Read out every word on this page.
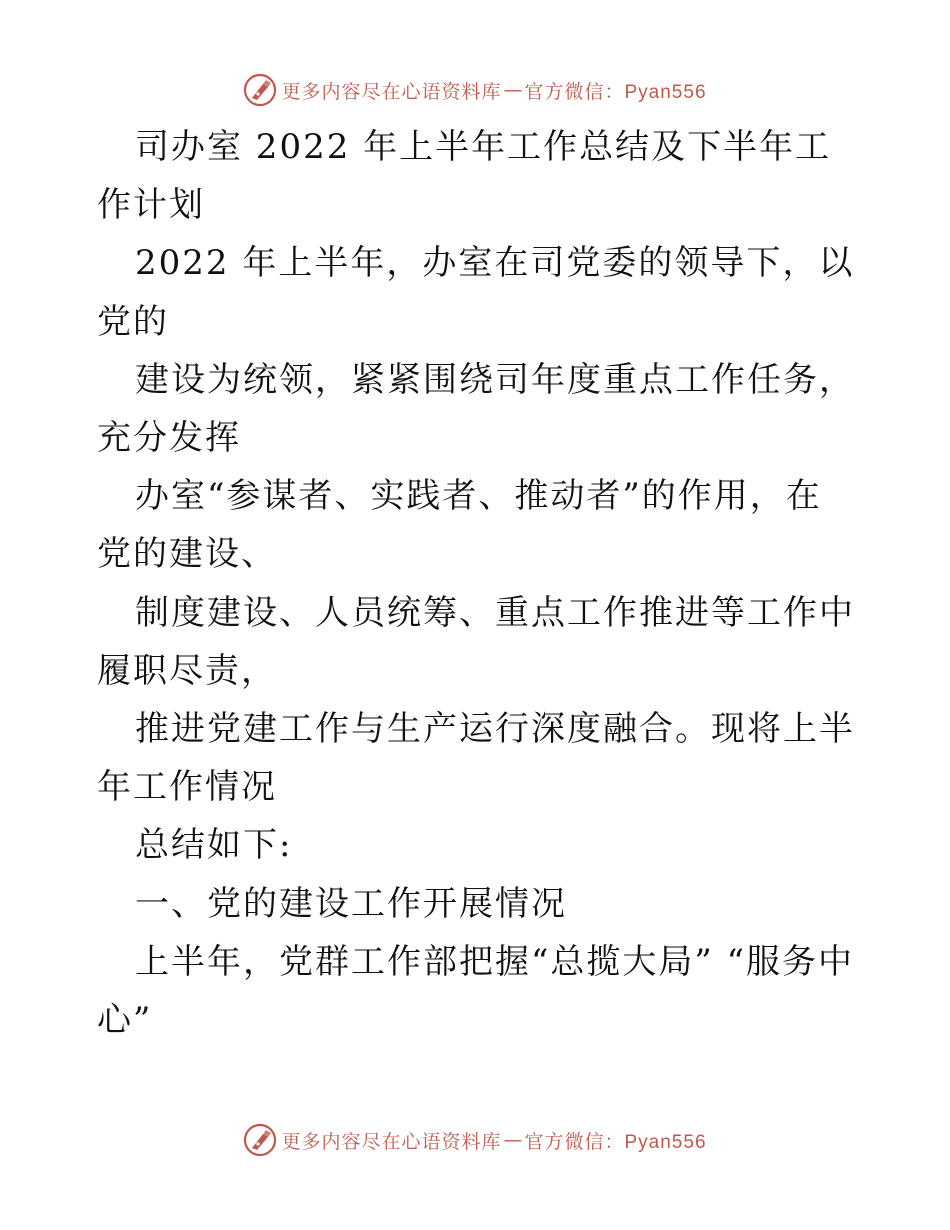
更多内容尽在心语资料库 — 官方微信：Pyan556

司办室 2022 年上半年工作总结及下半年工作计划

2022 年上半年，办室在司党委的领导下，以党的

建设为统领，紧紧围绕司年度重点工作任务，充分发挥

办室“参谋者、实践者、推动者”的作用，在党的建设、

制度建设、人员统筹、重点工作推进等工作中履职尽责，

推进党建工作与生产运行深度融合。现将上半年工作情况

总结如下:

一、党的建设工作开展情况

上半年，党群工作部把握“总揽大局” “服务中心”

更多内容尽在心语资料库 — 官方微信：Pyan556
